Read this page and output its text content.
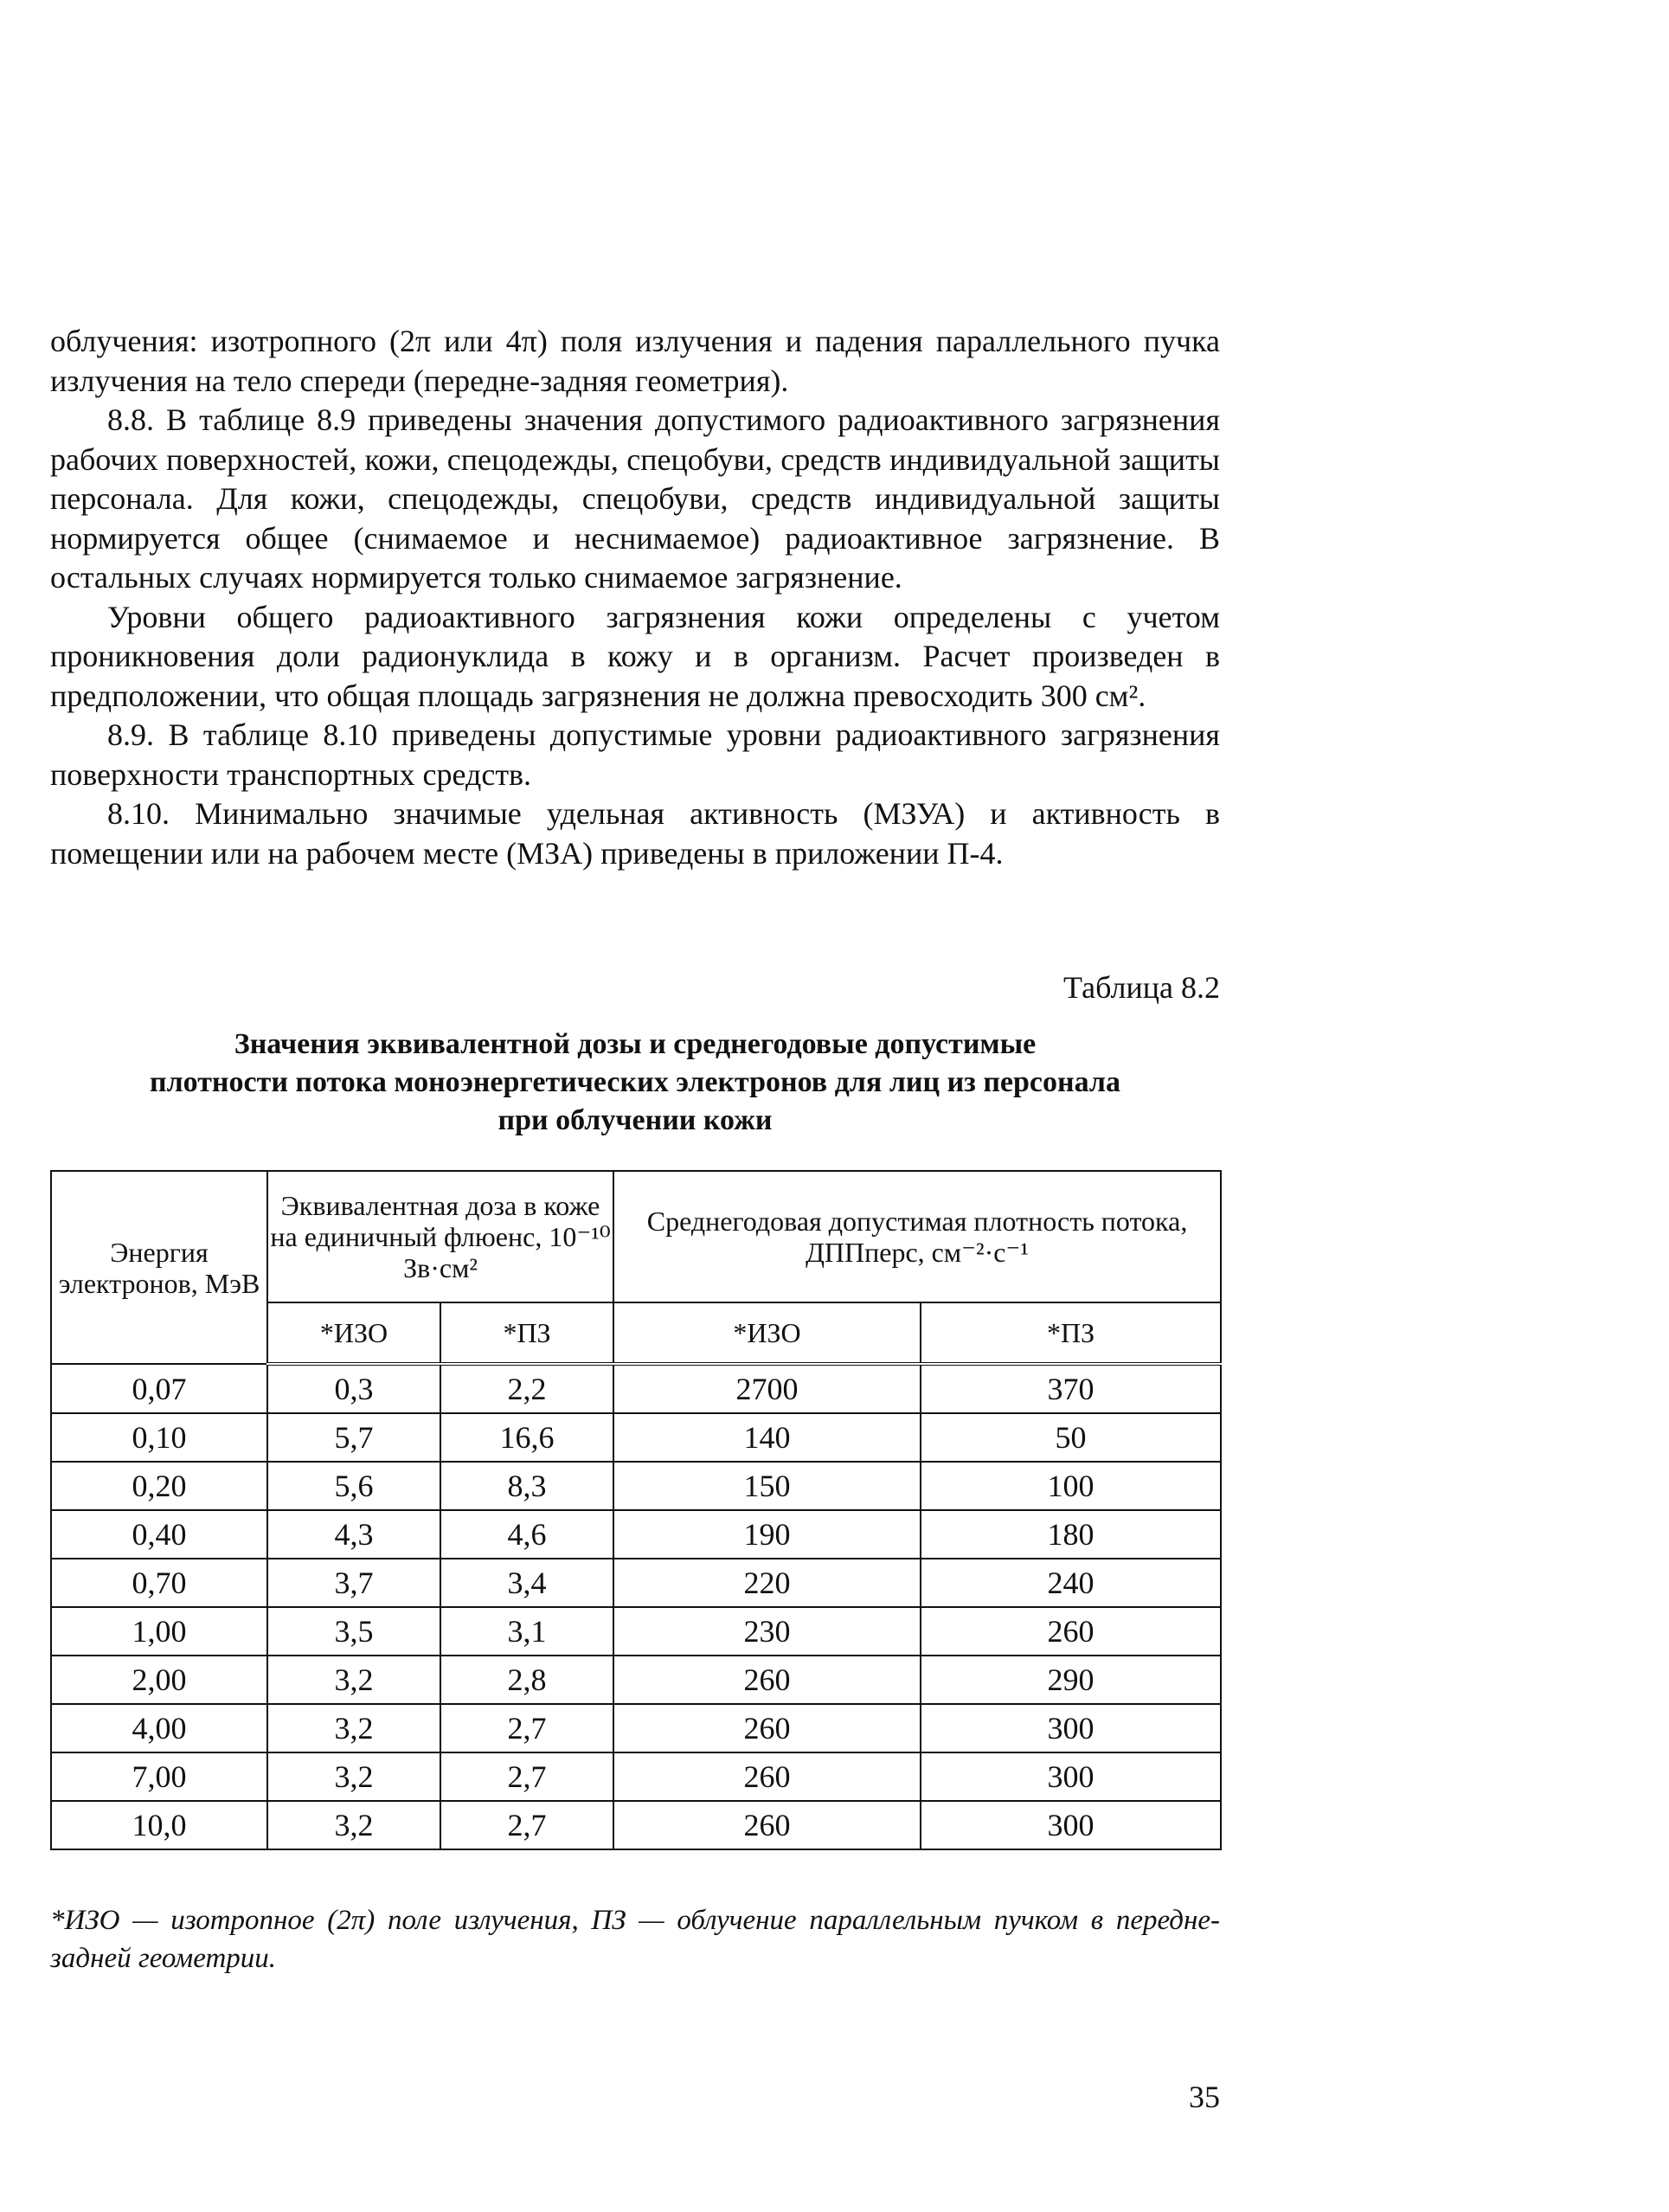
облучения: изотропного (2π или 4π) поля излучения и падения параллельного пучка излучения на тело спереди (передне-задняя геометрия).

8.8. В таблице 8.9 приведены значения допустимого радиоактивного загрязнения рабочих поверхностей, кожи, спецодежды, спецобуви, средств индивидуальной защиты персонала. Для кожи, спецодежды, спецобуви, средств индивидуальной защиты нормируется общее (снимаемое и неснимаемое) радиоактивное загрязнение. В остальных случаях нормируется только снимаемое загрязнение.

Уровни общего радиоактивного загрязнения кожи определены с учетом проникновения доли радионуклида в кожу и в организм. Расчет произведен в предположении, что общая площадь загрязнения не должна превосходить 300 см².

8.9. В таблице 8.10 приведены допустимые уровни радиоактивного загрязнения поверхности транспортных средств.

8.10. Минимально значимые удельная активность (МЗУА) и активность в помещении или на рабочем месте (МЗА) приведены в приложении П-4.

Таблица 8.2
Значения эквивалентной дозы и среднегодовые допустимые
плотности потока моноэнергетических электронов для лиц из персонала
при облучении кожи
Энергия электронов, МэВ	Эквивалентная доза в коже на единичный флюенс, 10⁻¹⁰ Зв·см²		Среднегодовая допустимая плотность потока, ДППперс, см⁻²·с⁻¹	
	*ИЗО	*ПЗ	*ИЗО	*ПЗ
0,07	0,3	2,2	2700	370
0,10	5,7	16,6	140	50
0,20	5,6	8,3	150	100
0,40	4,3	4,6	190	180
0,70	3,7	3,4	220	240
1,00	3,5	3,1	230	260
2,00	3,2	2,8	260	290
4,00	3,2	2,7	260	300
7,00	3,2	2,7	260	300
10,0	3,2	2,7	260	300
*ИЗО — изотропное (2π) поле излучения, ПЗ — облучение параллельным пучком в передне-задней геометрии.
35
